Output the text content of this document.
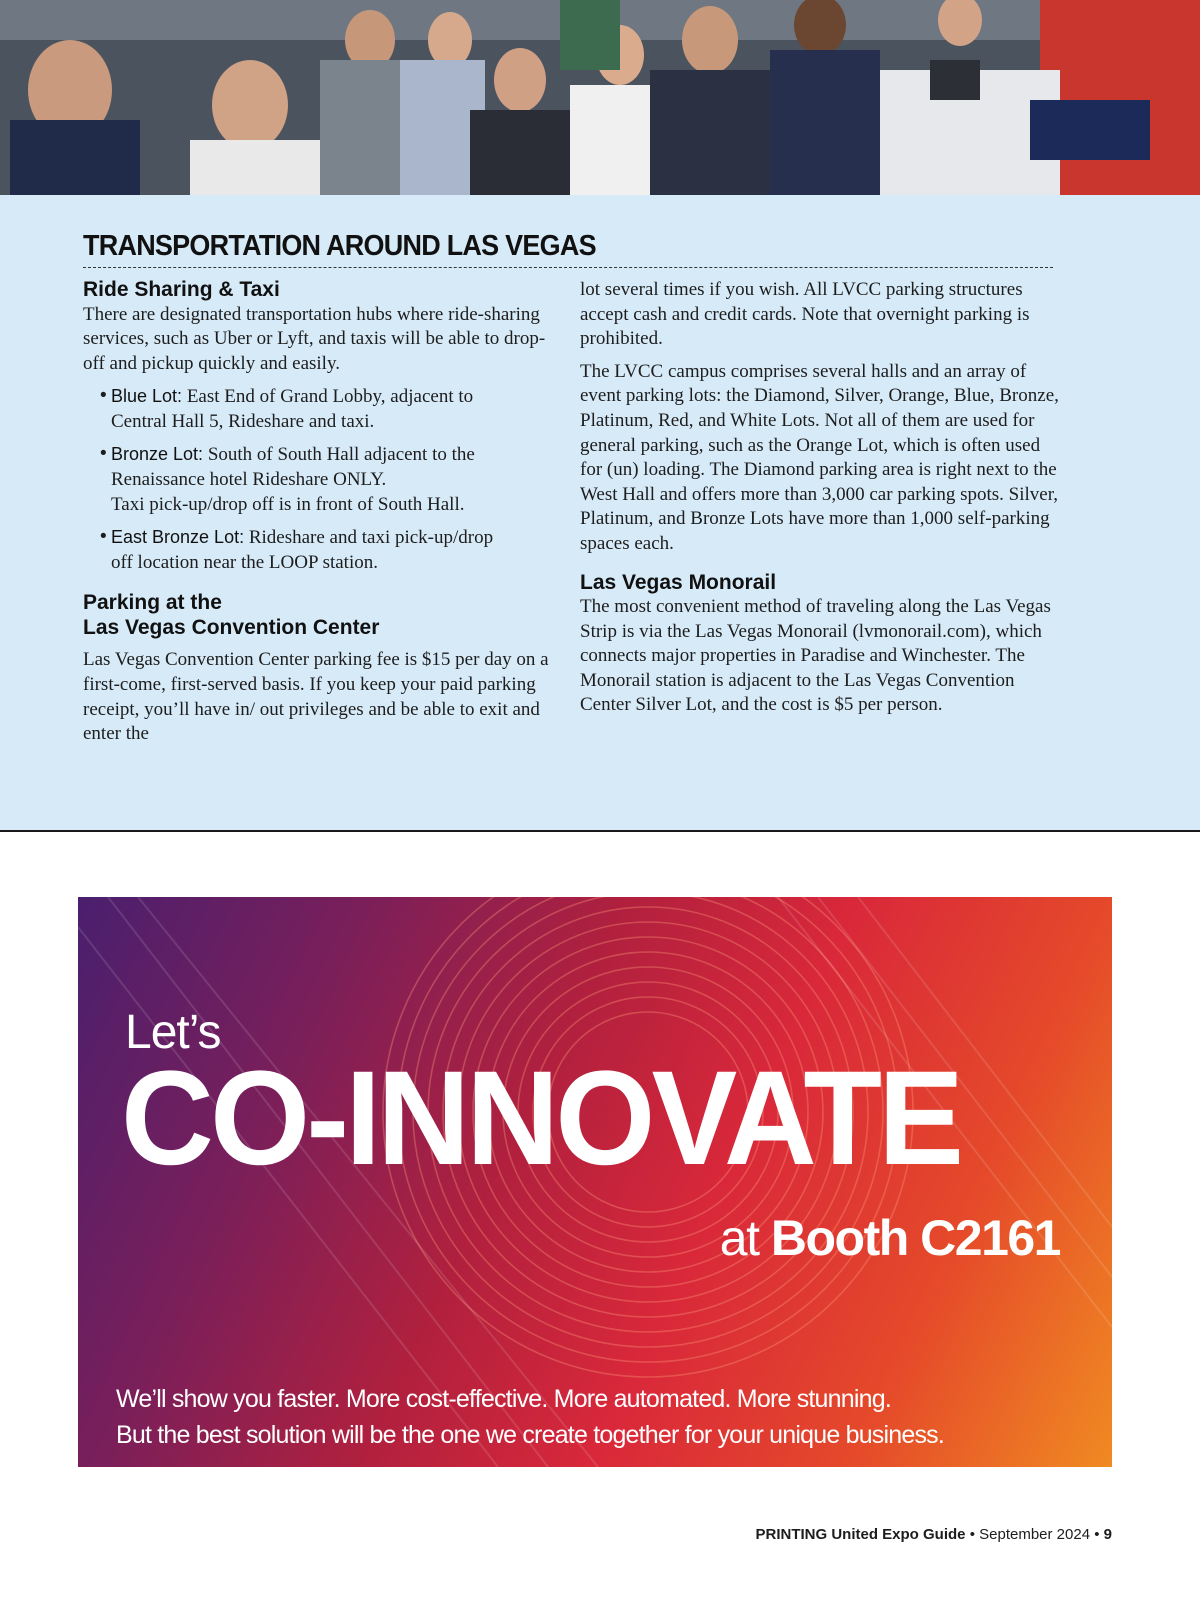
TRANSPORTATION AROUND LAS VEGAS
Ride Sharing & Taxi

There are designated transportation hubs where ride-sharing services, such as Uber or Lyft, and taxis will be able to drop-off and pickup quickly and easily.

• Blue Lot: East End of Grand Lobby, adjacent to
Central Hall 5, Rideshare and taxi.
• Bronze Lot: South of South Hall adjacent to the
Renaissance hotel Rideshare ONLY.
Taxi pick-up/drop off is in front of South Hall.
• East Bronze Lot: Rideshare and taxi pick-up/drop
off location near the LOOP station.
Parking at the
Las Vegas Convention Center

Las Vegas Convention Center parking fee is $15 per day on a first-come, first-served basis. If you keep your paid parking receipt, you’ll have in/ out privileges and be able to exit and enter the

lot several times if you wish. All LVCC parking structures accept cash and credit cards. Note that overnight parking is prohibited.

The LVCC campus comprises several halls and an array of event parking lots: the Diamond, Silver, Orange, Blue, Bronze, Platinum, Red, and White Lots. Not all of them are used for general parking, such as the Orange Lot, which is often used for (un) loading. The Diamond parking area is right next to the West Hall and offers more than 3,000 car parking spots. Silver, Platinum, and Bronze Lots have more than 1,000 self-parking spaces each.

Las Vegas Monorail

The most convenient method of traveling along the Las Vegas Strip is via the Las Vegas Monorail (lvmonorail.com), which connects major properties in Paradise and Winchester. The Monorail station is adjacent to the Las Vegas Convention Center Silver Lot, and the cost is $5 per person.

Let’s

CO-INNOVATE

at Booth C2161

We’ll show you faster. More cost-effective. More automated. More stunning.
But the best solution will be the one we create together for your unique business.

PRINTING United Expo Guide • September 2024 • 9
